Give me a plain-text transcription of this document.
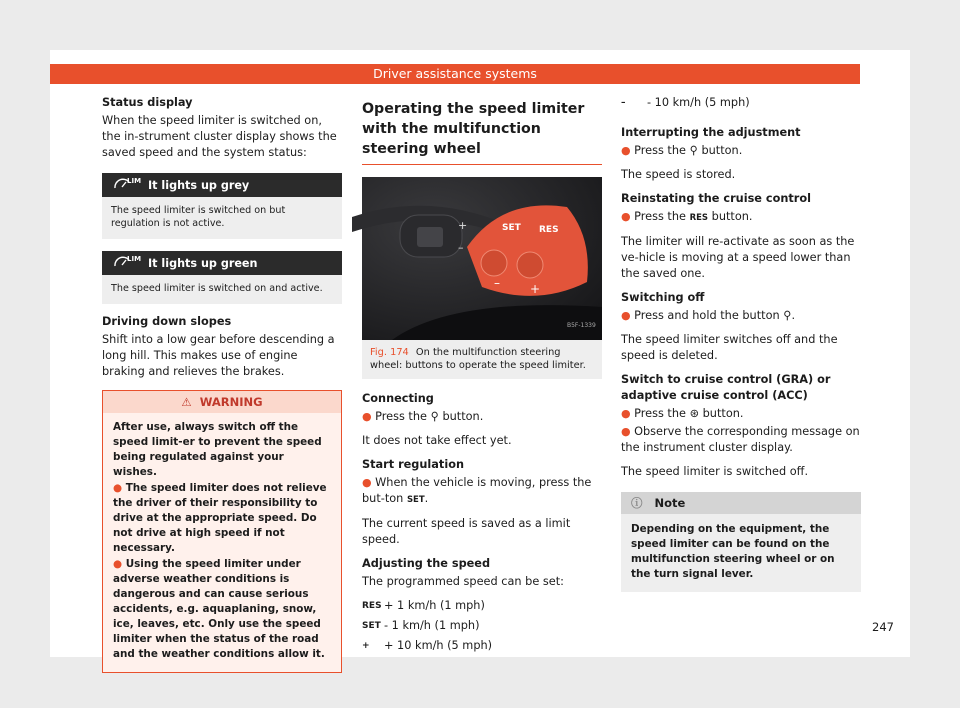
Driver assistance systems
Status display
When the speed limiter is switched on, the in-strument cluster display shows the saved speed and the system status:
LIM It lights up grey
The speed limiter is switched on but regulation is not active.
LIM It lights up green
The speed limiter is switched on and active.
Driving down slopes
Shift into a low gear before descending a long hill. This makes use of engine braking and relieves the brakes.
⚠ WARNING

After use, always switch off the speed limit-er to prevent the speed being regulated against your wishes.

● The speed limiter does not relieve the driver of their responsibility to drive at the appropriate speed. Do not drive at high speed if not necessary.

● Using the speed limiter under adverse weather conditions is dangerous and can cause serious accidents, e.g. aquaplaning, snow, ice, leaves, etc. Only use the speed limiter when the status of the road and the weather conditions allow it.

Operating the speed limiter with the multifunction steering wheel
SET RES
–	+
+
–
B5F-1339
Fig. 174 On the multifunction steering wheel: buttons to operate the speed limiter.
Connecting
● Press the ⚲ button.
It does not take effect yet.
Start regulation
● When the vehicle is moving, press the but-ton SET.
The current speed is saved as a limit speed.
Adjusting the speed
The programmed speed can be set:
RES + 1 km/h (1 mph)
SET - 1 km/h (1 mph)
+	+ 10 km/h (5 mph)
–	- 10 km/h (5 mph)
Interrupting the adjustment
● Press the ⚲ button.
The speed is stored.
Reinstating the cruise control
● Press the RES button.
The limiter will re-activate as soon as the ve-hicle is moving at a speed lower than the saved one.
Switching off
● Press and hold the button ⚲.
The speed limiter switches off and the speed is deleted.
Switch to cruise control (GRA) or adaptive cruise control (ACC)
● Press the ⊛ button.
● Observe the corresponding message on the instrument cluster display.
The speed limiter is switched off.
ⓘ Note
Depending on the equipment, the speed limiter can be found on the multifunction steering wheel or on the turn signal lever.
247
